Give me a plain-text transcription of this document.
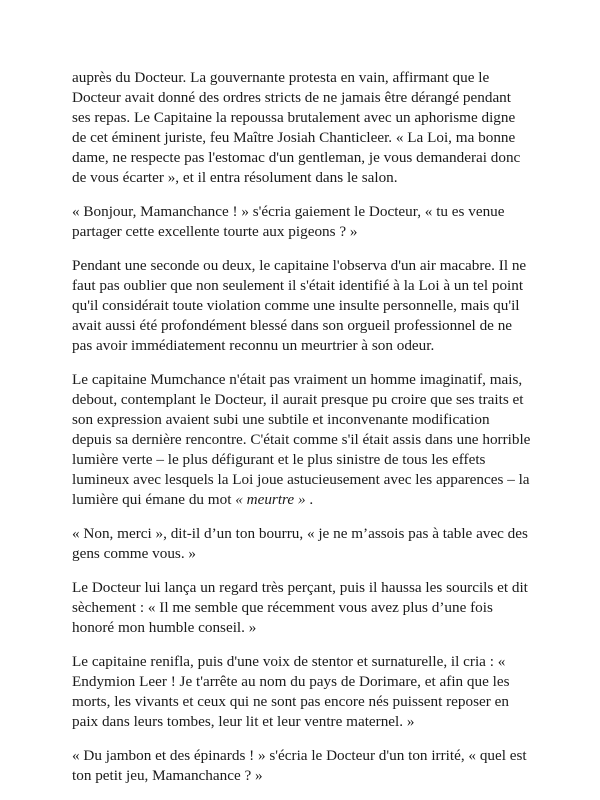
auprès du Docteur. La gouvernante protesta en vain, affirmant que le Docteur avait donné des ordres stricts de ne jamais être dérangé pendant ses repas. Le Capitaine la repoussa brutalement avec un aphorisme digne de cet éminent juriste, feu Maître Josiah Chanticleer. « La Loi, ma bonne dame, ne respecte pas l'estomac d'un gentleman, je vous demanderai donc de vous écarter », et il entra résolument dans le salon.

« Bonjour, Mamanchance ! » s'écria gaiement le Docteur, « tu es venue partager cette excellente tourte aux pigeons ? »

Pendant une seconde ou deux, le capitaine l'observa d'un air macabre. Il ne faut pas oublier que non seulement il s'était identifié à la Loi à un tel point qu'il considérait toute violation comme une insulte personnelle, mais qu'il avait aussi été profondément blessé dans son orgueil professionnel de ne pas avoir immédiatement reconnu un meurtrier à son odeur.

Le capitaine Mumchance n'était pas vraiment un homme imaginatif, mais, debout, contemplant le Docteur, il aurait presque pu croire que ses traits et son expression avaient subi une subtile et inconvenante modification depuis sa dernière rencontre. C'était comme s'il était assis dans une horrible lumière verte – le plus défigurant et le plus sinistre de tous les effets lumineux avec lesquels la Loi joue astucieusement avec les apparences – la lumière qui émane du mot « meurtre » .

« Non, merci », dit-il d’un ton bourru, « je ne m’assois pas à table avec des gens comme vous. »

Le Docteur lui lança un regard très perçant, puis il haussa les sourcils et dit sèchement : « Il me semble que récemment vous avez plus d’une fois honoré mon humble conseil. »

Le capitaine renifla, puis d'une voix de stentor et surnaturelle, il cria : « Endymion Leer ! Je t'arrête au nom du pays de Dorimare, et afin que les morts, les vivants et ceux qui ne sont pas encore nés puissent reposer en paix dans leurs tombes, leur lit et leur ventre maternel. »

« Du jambon et des épinards ! » s'écria le Docteur d'un ton irrité, « quel est ton petit jeu, Mamanchance ? »
